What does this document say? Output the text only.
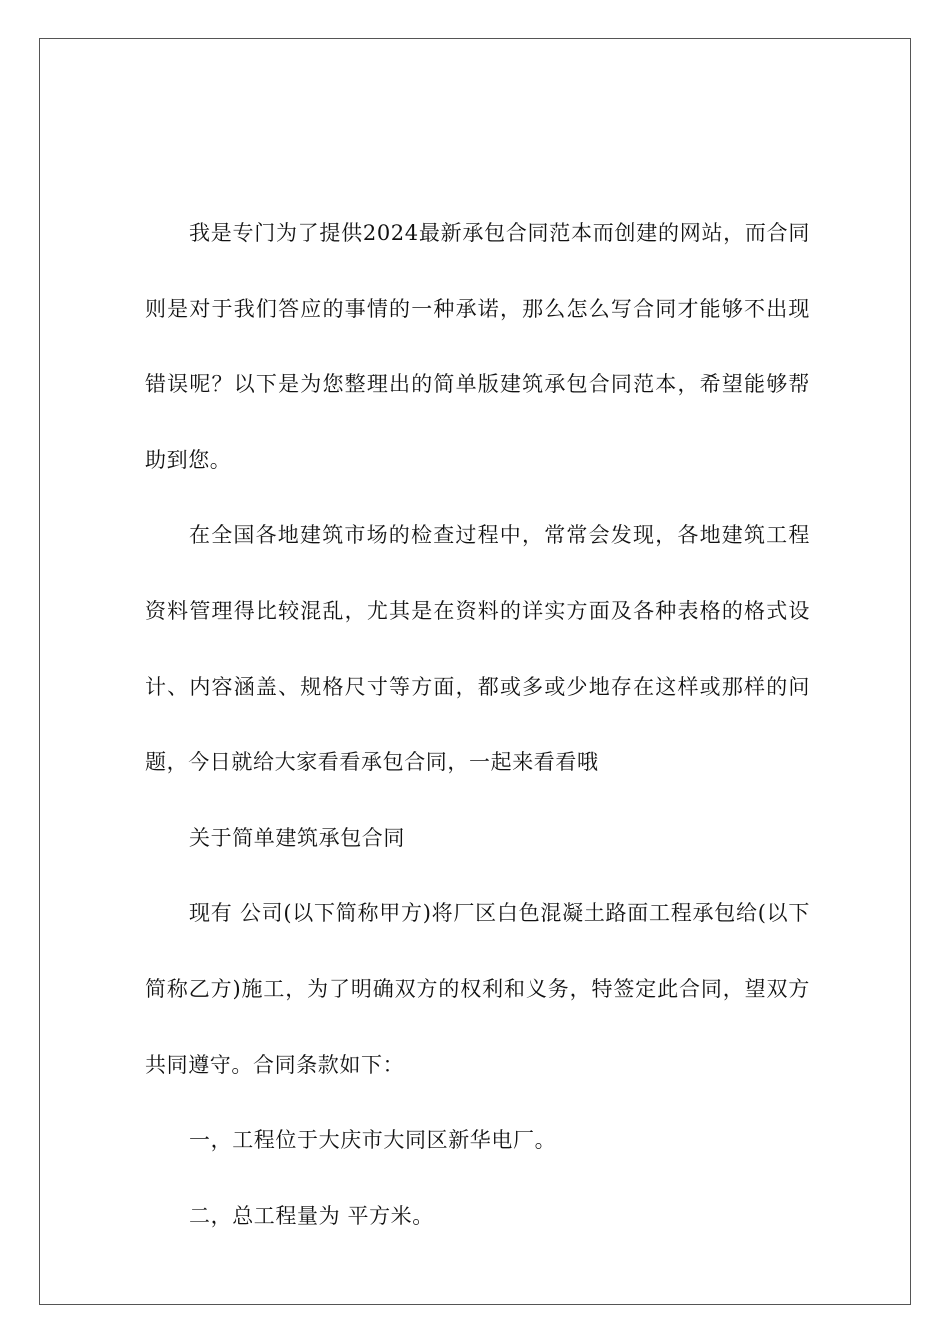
我是专门为了提供2024最新承包合同范本而创建的网站，而合同则是对于我们答应的事情的一种承诺，那么怎么写合同才能够不出现错误呢？以下是为您整理出的简单版建筑承包合同范本，希望能够帮助到您。

在全国各地建筑市场的检查过程中，常常会发现，各地建筑工程资料管理得比较混乱，尤其是在资料的详实方面及各种表格的格式设计、内容涵盖、规格尺寸等方面，都或多或少地存在这样或那样的问题，今日就给大家看看承包合同，一起来看看哦

关于简单建筑承包合同

现有 公司(以下简称甲方)将厂区白色混凝土路面工程承包给(以下简称乙方)施工，为了明确双方的权利和义务，特签定此合同，望双方共同遵守。合同条款如下：

一，工程位于大庆市大同区新华电厂。

二，总工程量为 平方米。
